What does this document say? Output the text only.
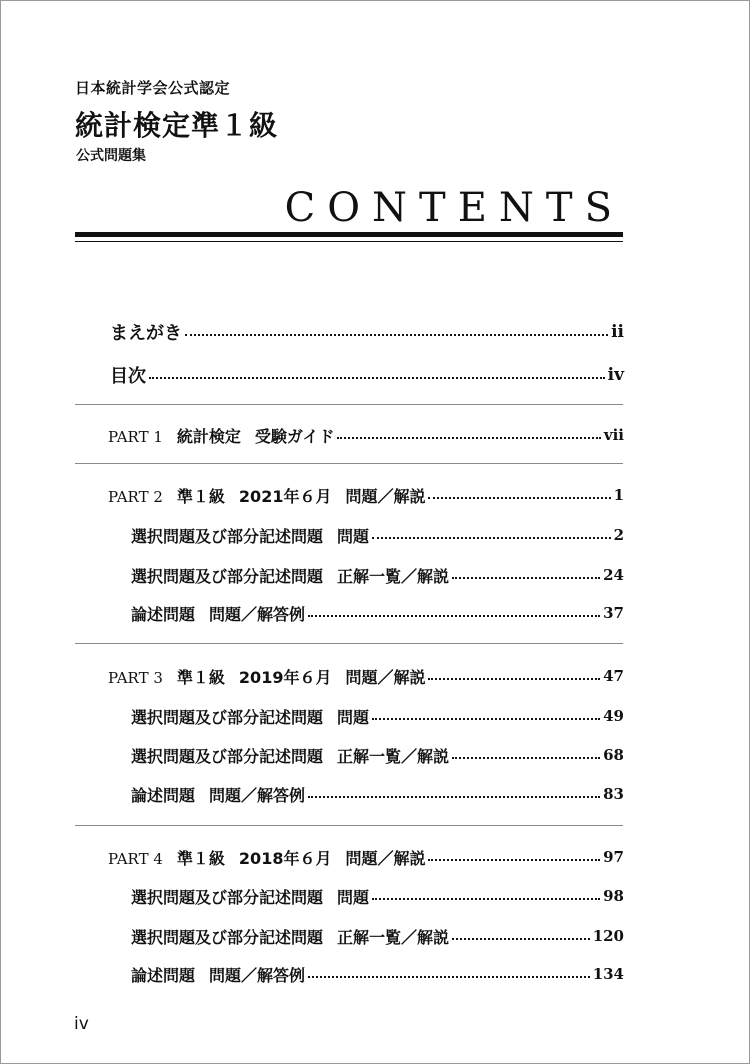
日本統計学会公式認定

統計検定準１級

公式問題集

CONTENTS
まえがき	ii
目次	iv
PART 1 統計検定 受験ガイド	vii
PART 2 準１級 2021年６月 問題／解説	1
選択問題及び部分記述問題 問題	2
選択問題及び部分記述問題 正解一覧／解説	24
論述問題 問題／解答例	37
PART 3 準１級 2019年６月 問題／解説	47
選択問題及び部分記述問題 問題	49
選択問題及び部分記述問題 正解一覧／解説	68
論述問題 問題／解答例	83
PART 4 準１級 2018年６月 問題／解説	97
選択問題及び部分記述問題 問題	98
選択問題及び部分記述問題 正解一覧／解説	120
論述問題 問題／解答例	134

iv
